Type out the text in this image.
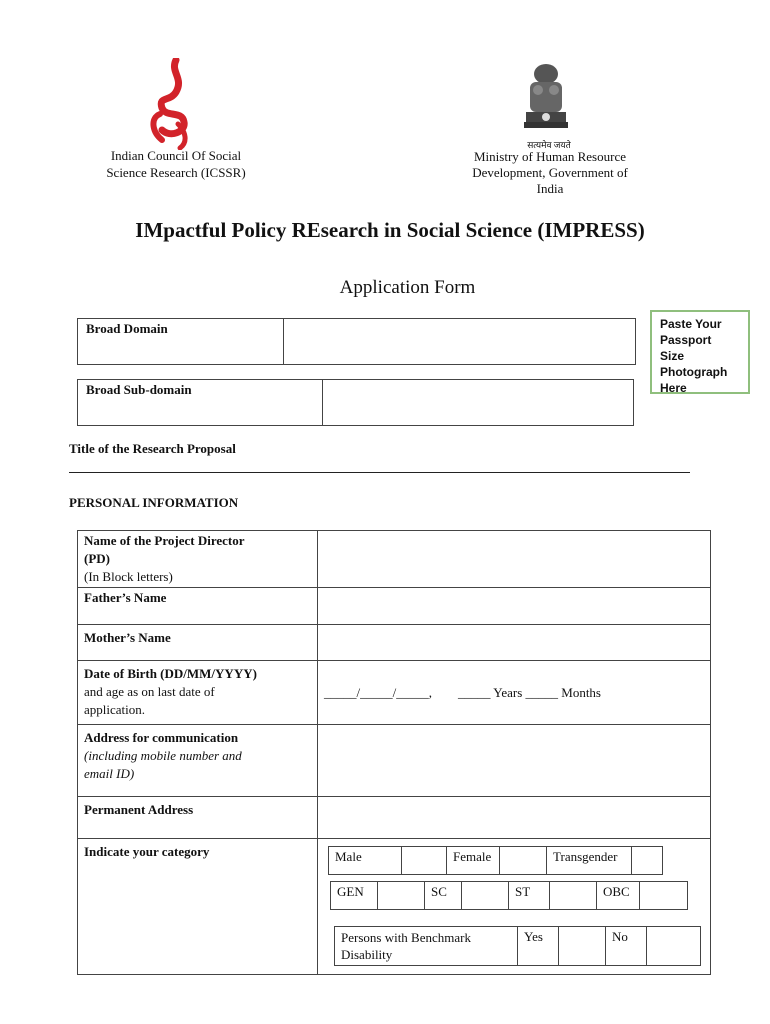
सत्यमेव जयते
Indian Council Of Social
Science Research (ICSSR)
Ministry of Human Resource
Development, Government of
India
IMpactful Policy REsearch in Social Science (IMPRESS)
Application Form
Paste Your
Passport
Size
Photograph
Here
Broad Domain	
Broad Sub-domain	
Title of the Research Proposal
PERSONAL INFORMATION
Name of the Project Director
(PD)
(In Block letters)	

Father’s Name	
Mother’s Name	

Date of Birth (DD/MM/YYYY)
and age as on last date of
application.	_____/_____/_____,        _____ Years _____ Months

Address for communication
(including mobile number and
email ID)	

Permanent Address	
Indicate your category		Male		Female		Transgender	
GEN		SC		ST		OBC	
Persons with Benchmark
Disability
	Yes		No	
